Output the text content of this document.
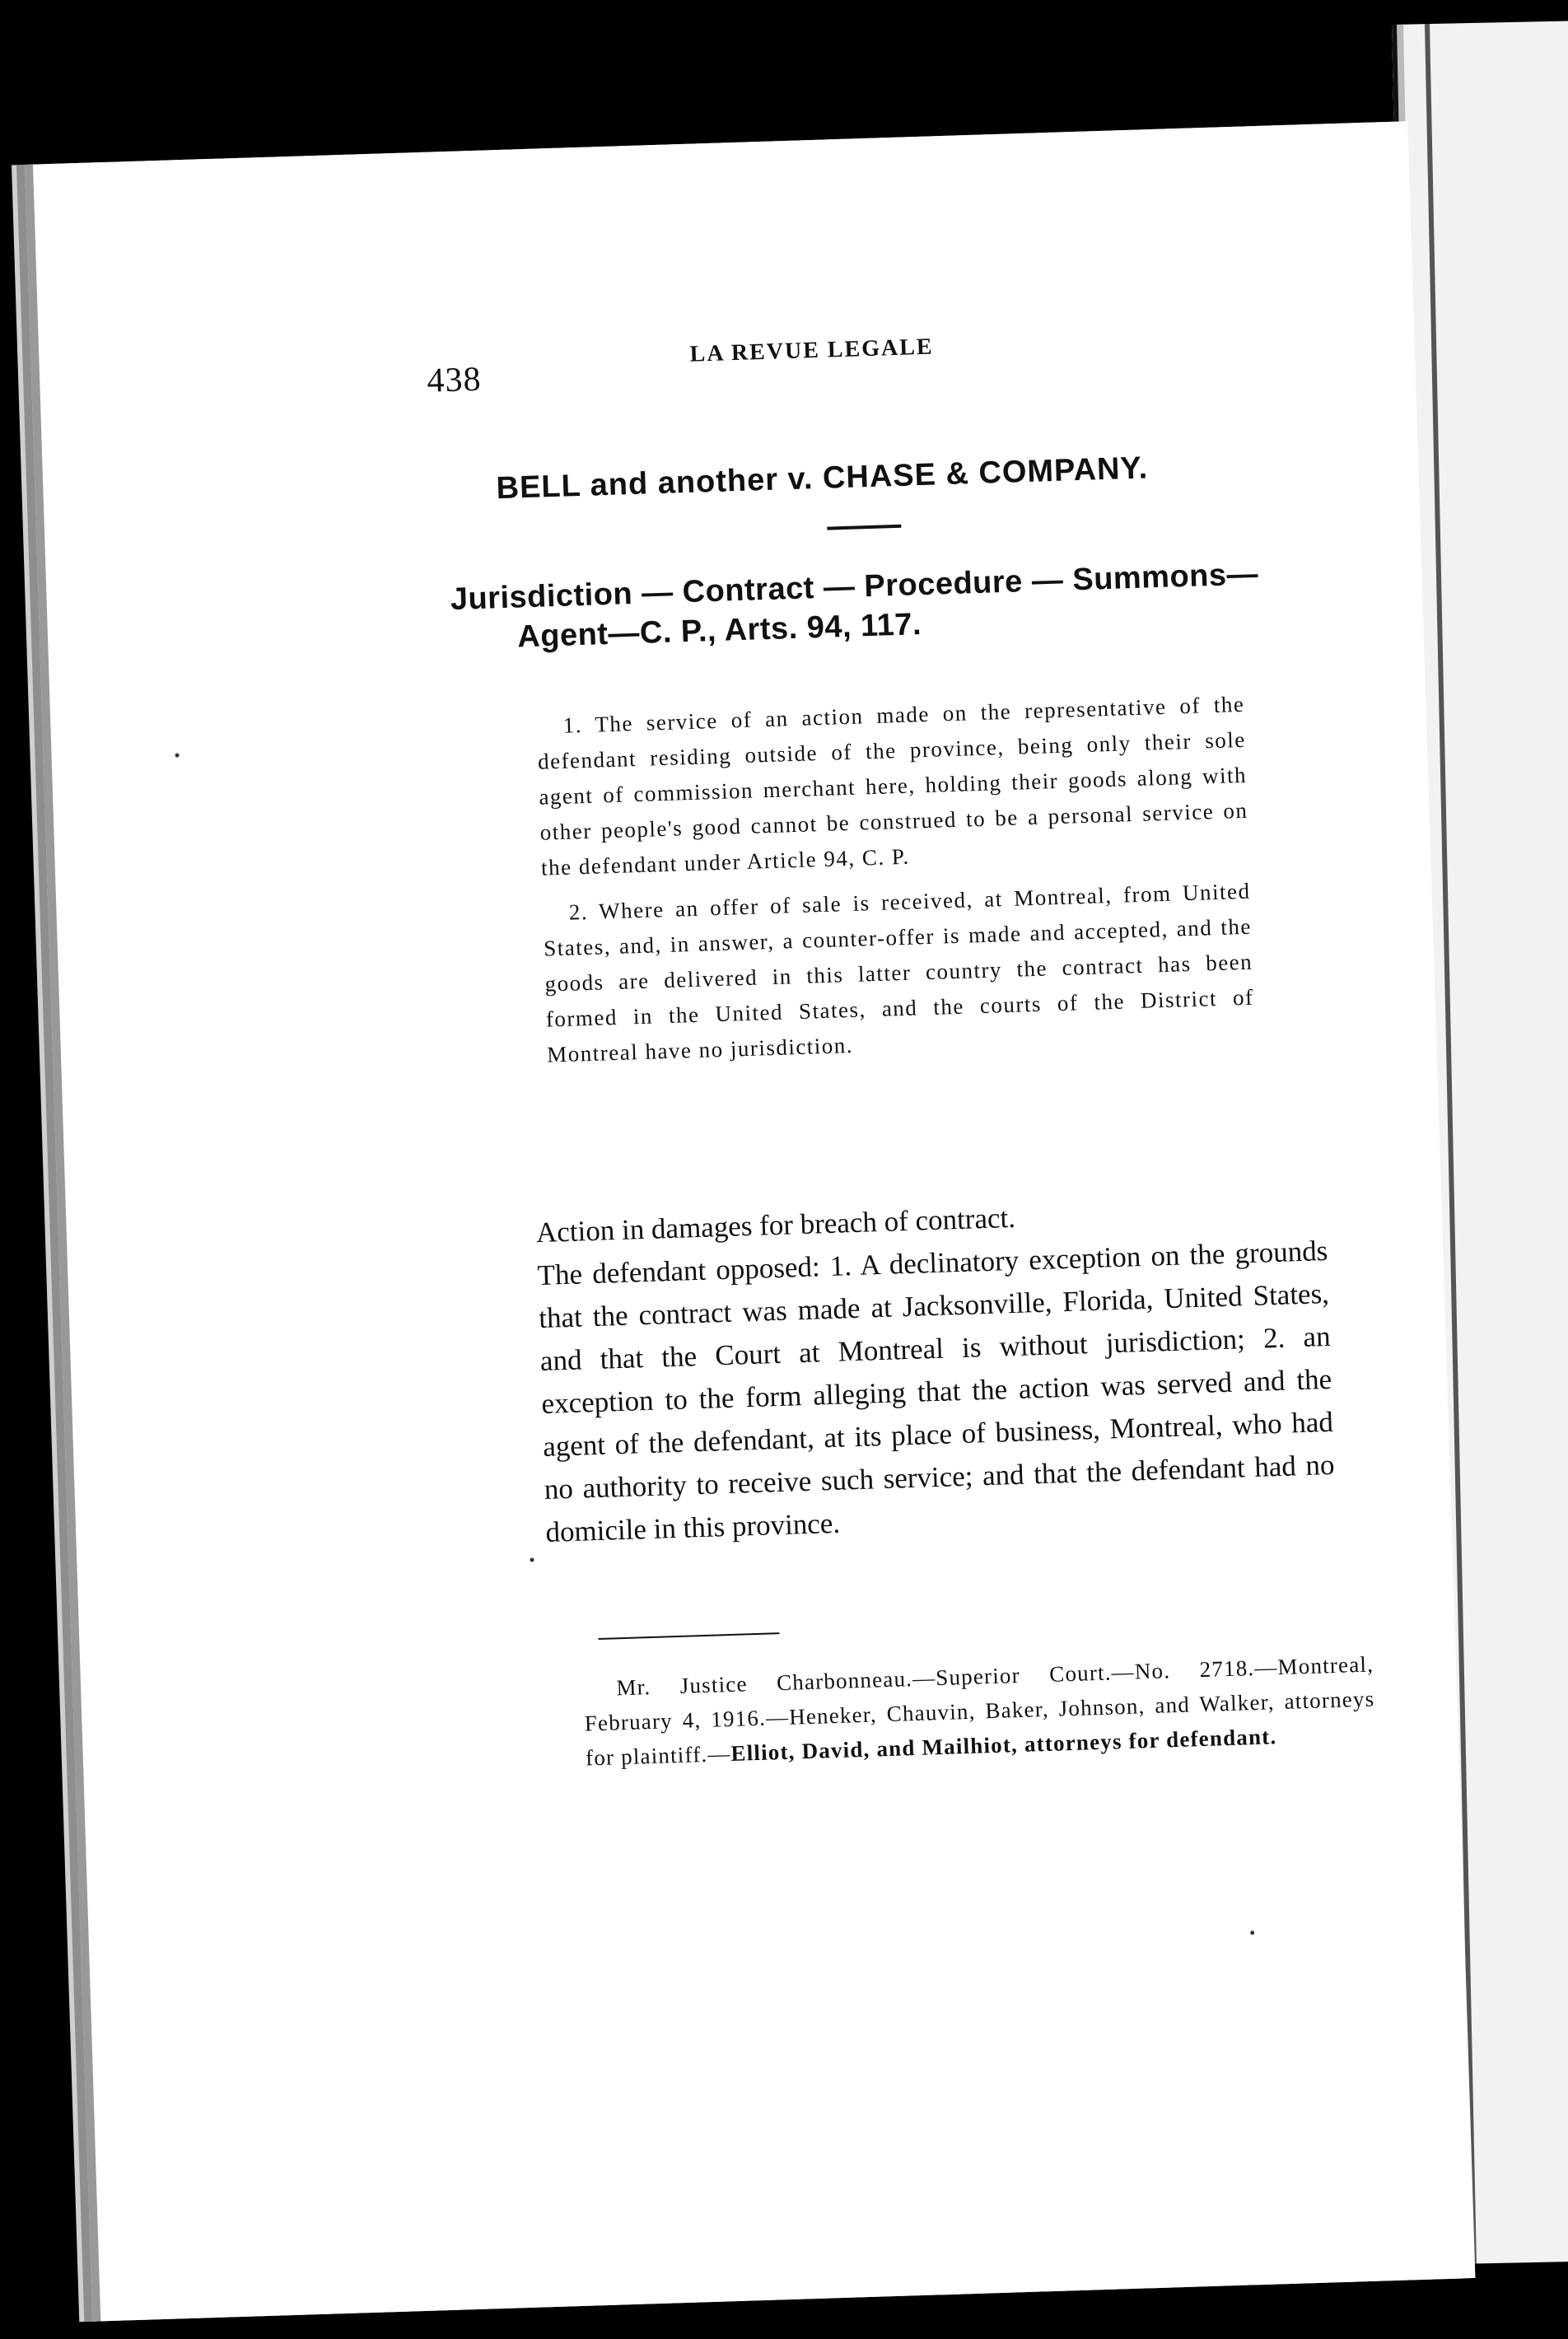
438
LA REVUE LEGALE
BELL and another v. CHASE & COMPANY.
Jurisdiction — Contract — Procedure — Summons—
Agent—C. P., Arts. 94, 117.

1. The service of an action made on the representative of the defendant residing outside of the province, being only their sole agent of commission merchant here, holding their goods along with other people's good cannot be construed to be a personal service on the defendant under Article 94, C. P.

2. Where an offer of sale is received, at Montreal, from United States, and, in answer, a counter-offer is made and accepted, and the goods are delivered in this latter country the contract has been formed in the United States, and the courts of the District of Montreal have no jurisdiction.

Action in damages for breach of contract.

The defendant opposed: 1. A declinatory exception on the grounds that the contract was made at Jacksonville, Florida, United States, and that the Court at Montreal is without jurisdiction; 2. an exception to the form alleging that the action was served and the agent of the defendant, at its place of business, Montreal, who had no authority to receive such service; and that the defendant had no domicile in this province.

Mr. Justice Charbonneau.—Superior Court.—No. 2718.—Montreal, February 4, 1916.—Heneker, Chauvin, Baker, Johnson, and Walker, attorneys for plaintiff.—Elliot, David, and Mailhiot, attorneys for defendant.
